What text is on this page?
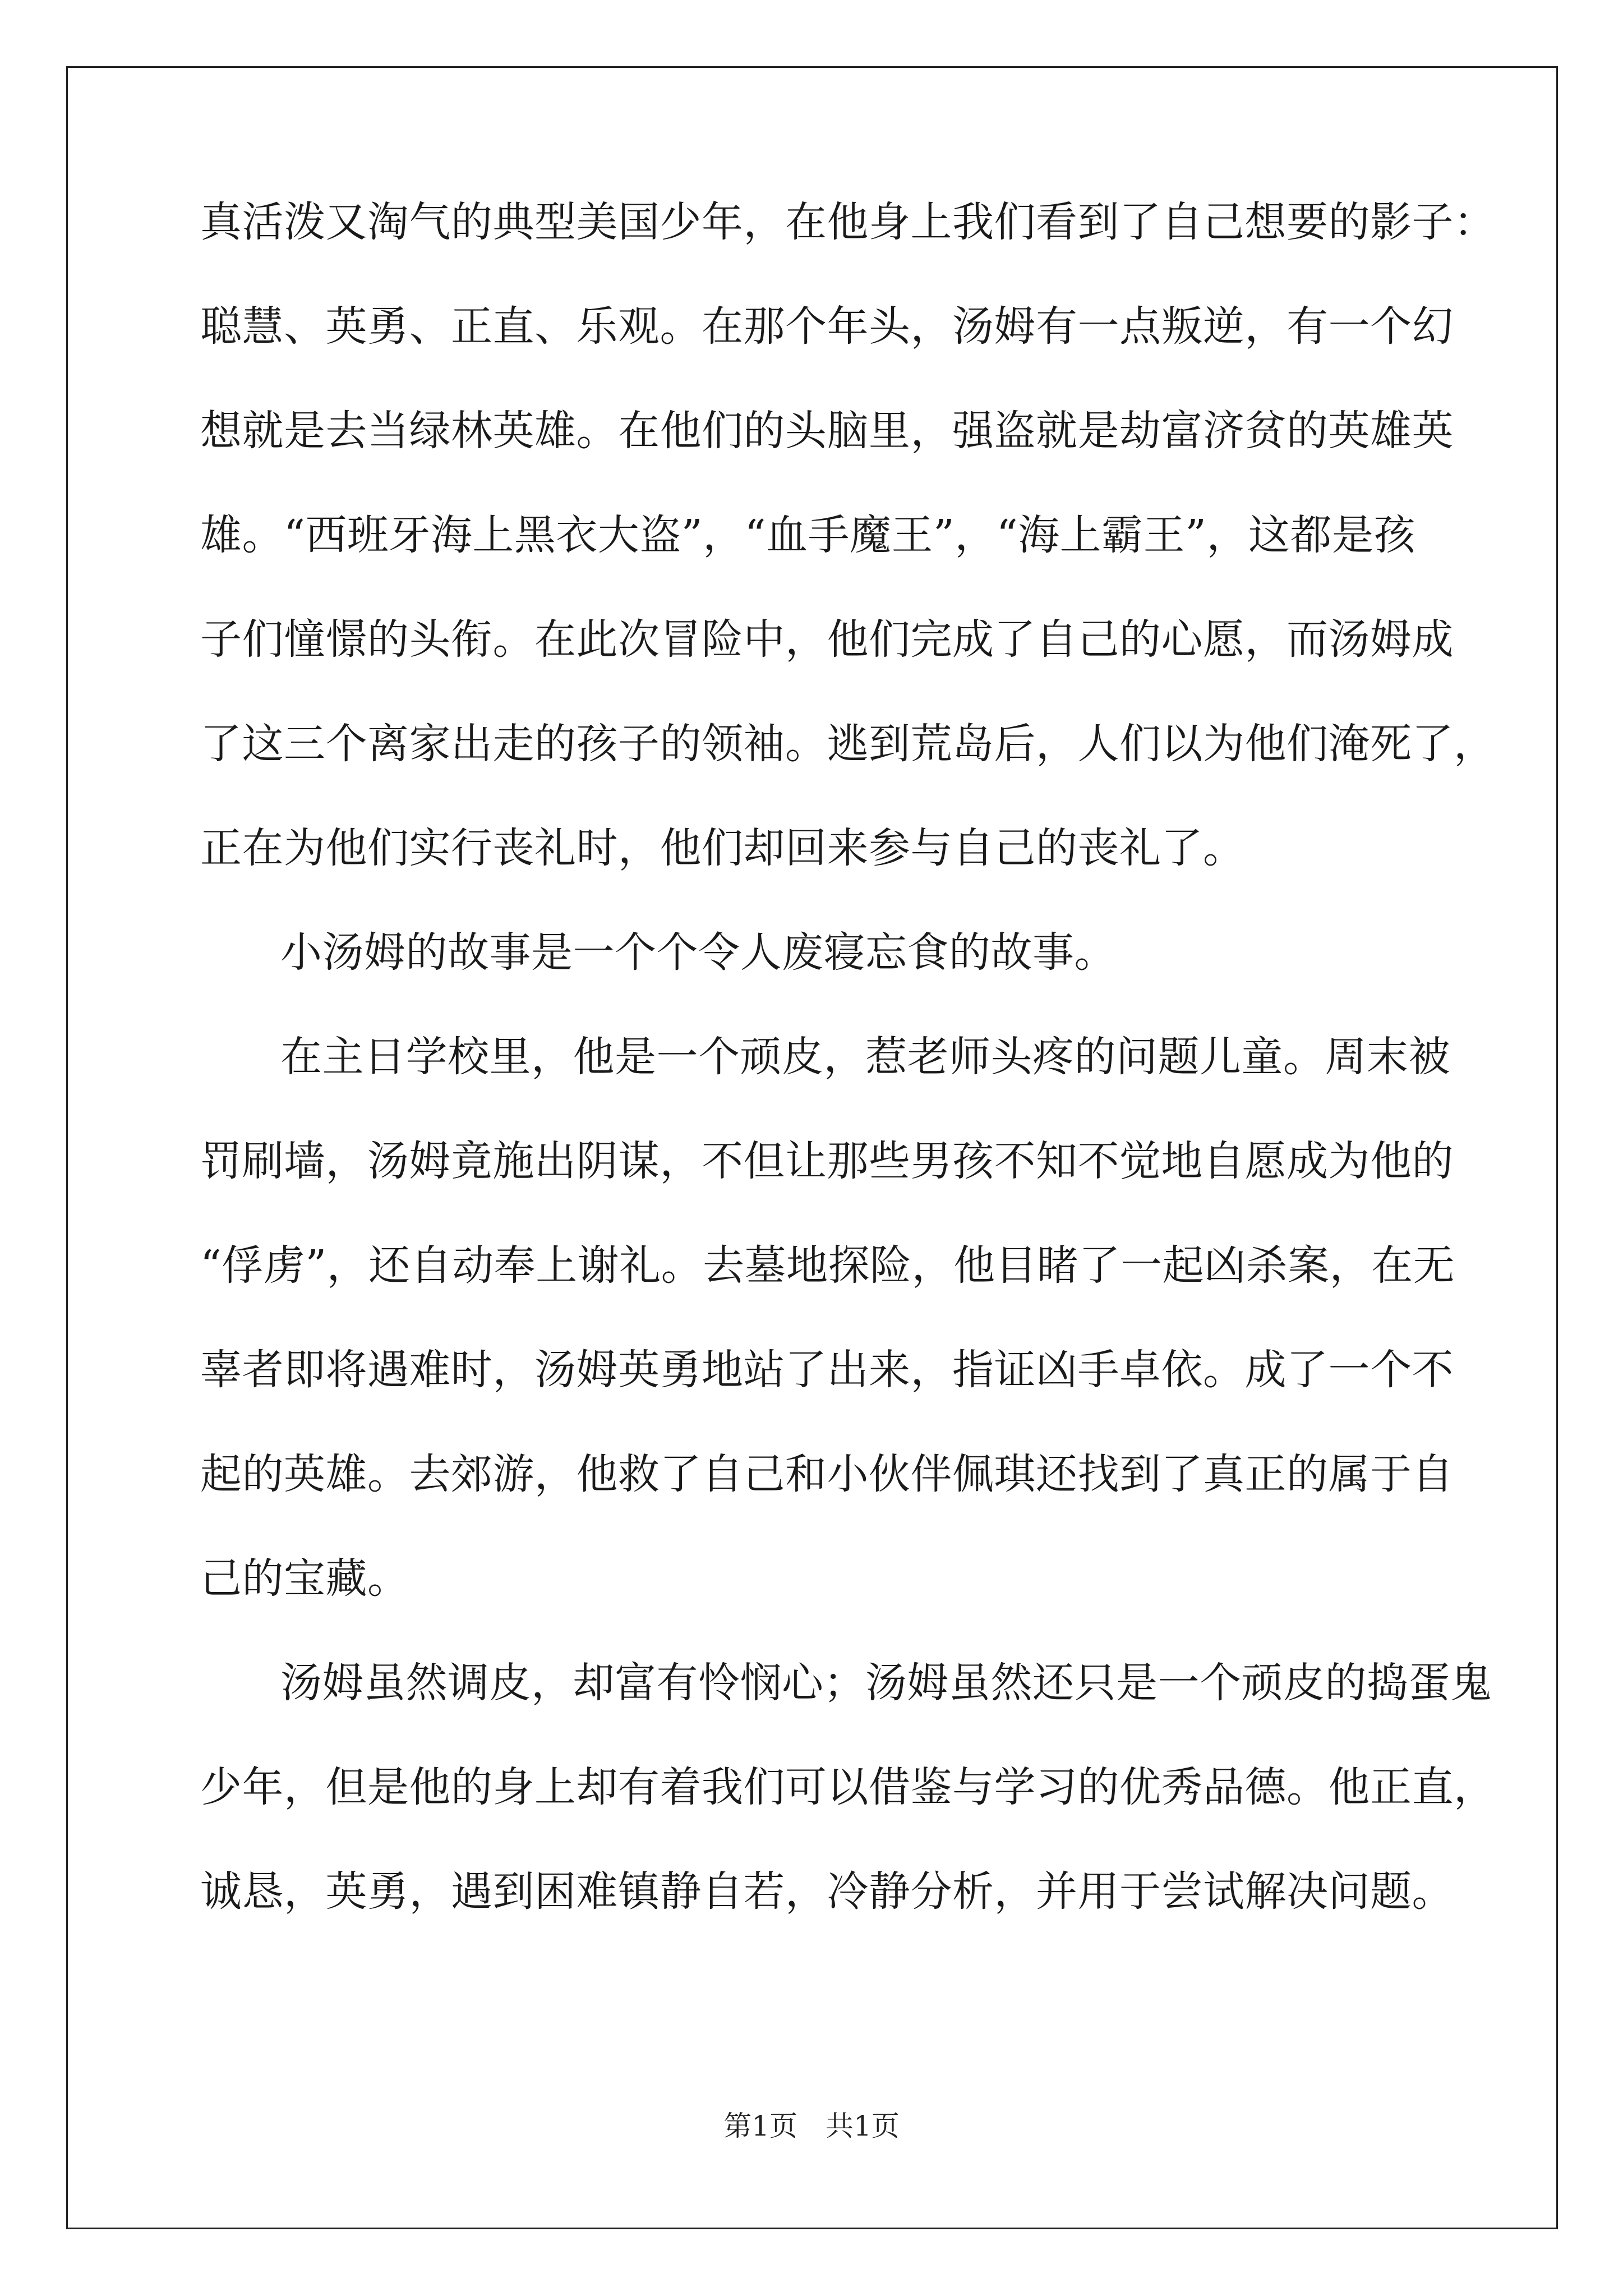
真活泼又淘气的典型美国少年，在他身上我们看到了自己想要的影子：
聪慧、英勇、正直、乐观。在那个年头，汤姆有一点叛逆，有一个幻
想就是去当绿林英雄。在他们的头脑里，强盗就是劫富济贫的英雄英
雄。“西班牙海上黑衣大盗”，“血手魔王”，“海上霸王”，这都是孩
子们憧憬的头衔。在此次冒险中，他们完成了自己的心愿，而汤姆成
了这三个离家出走的孩子的领袖。逃到荒岛后，人们以为他们淹死了，
正在为他们实行丧礼时，他们却回来参与自己的丧礼了。
小汤姆的故事是一个个令人废寝忘食的故事。
在主日学校里，他是一个顽皮，惹老师头疼的问题儿童。周末被
罚刷墙，汤姆竟施出阴谋，不但让那些男孩不知不觉地自愿成为他的
“俘虏”，还自动奉上谢礼。去墓地探险，他目睹了一起凶杀案，在无
辜者即将遇难时，汤姆英勇地站了出来，指证凶手卓依。成了一个不
起的英雄。去郊游，他救了自己和小伙伴佩琪还找到了真正的属于自
己的宝藏。
汤姆虽然调皮，却富有怜悯心；汤姆虽然还只是一个顽皮的捣蛋鬼
少年，但是他的身上却有着我们可以借鉴与学习的优秀品德。他正直，
诚恳，英勇，遇到困难镇静自若，冷静分析，并用于尝试解决问题。
第1页　共1页
